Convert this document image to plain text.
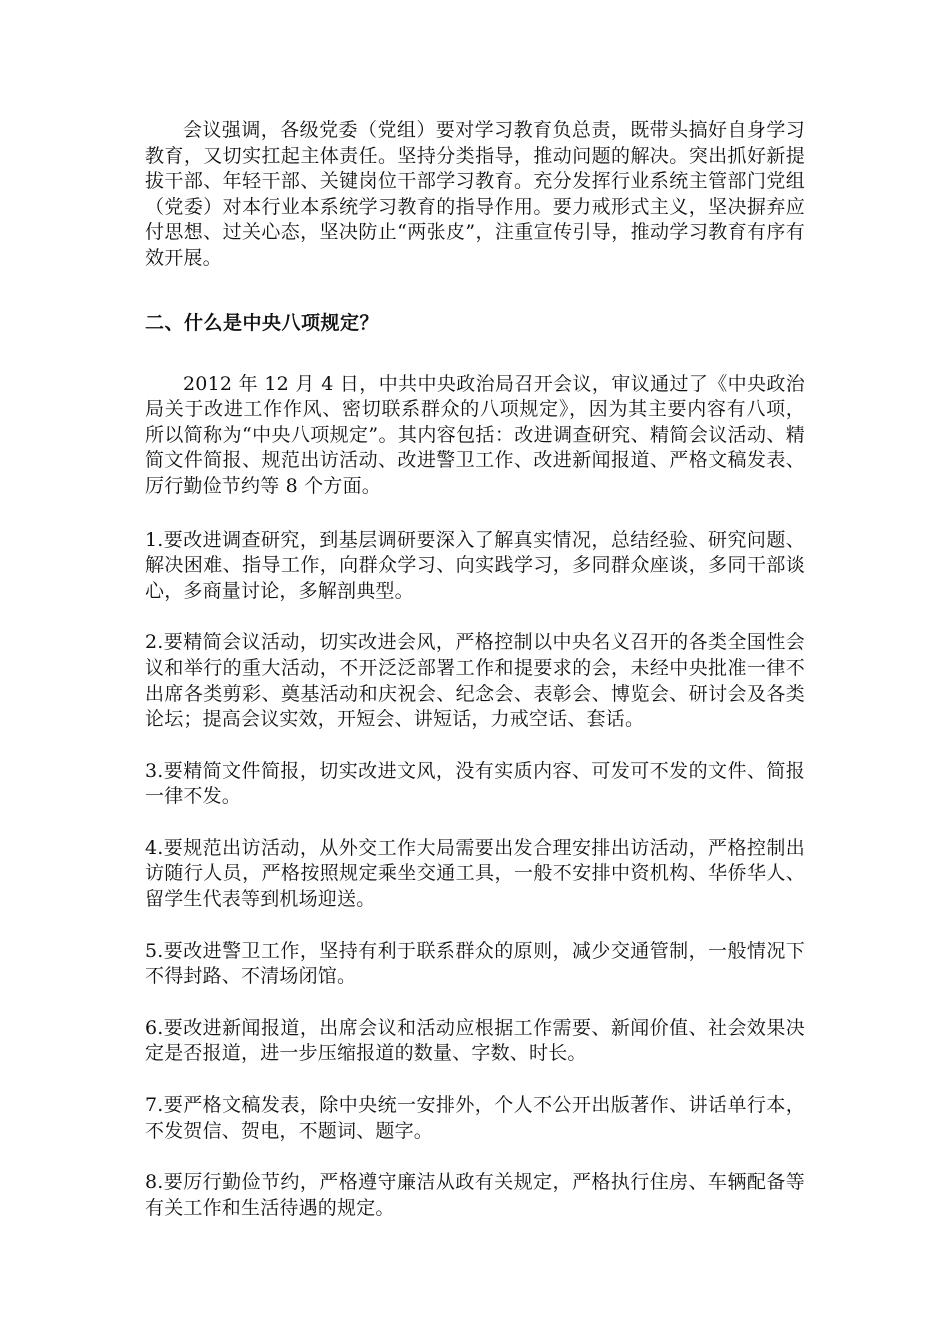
会议强调，各级党委（党组）要对学习教育负总责，既带头搞好自身学习教育，又切实扛起主体责任。坚持分类指导，推动问题的解决。突出抓好新提拔干部、年轻干部、关键岗位干部学习教育。充分发挥行业系统主管部门党组（党委）对本行业本系统学习教育的指导作用。要力戒形式主义，坚决摒弃应付思想、过关心态，坚决防止“两张皮”，注重宣传引导，推动学习教育有序有效开展。

二、什么是中央八项规定？

2012 年 12 月 4 日，中共中央政治局召开会议，审议通过了《中央政治局关于改进工作作风、密切联系群众的八项规定》，因为其主要内容有八项，所以简称为“中央八项规定”。其内容包括：改进调查研究、精简会议活动、精简文件简报、规范出访活动、改进警卫工作、改进新闻报道、严格文稿发表、厉行勤俭节约等 8 个方面。

1.要改进调查研究，到基层调研要深入了解真实情况，总结经验、研究问题、解决困难、指导工作，向群众学习、向实践学习，多同群众座谈，多同干部谈心，多商量讨论，多解剖典型。

2.要精简会议活动，切实改进会风，严格控制以中央名义召开的各类全国性会议和举行的重大活动，不开泛泛部署工作和提要求的会，未经中央批准一律不出席各类剪彩、奠基活动和庆祝会、纪念会、表彰会、博览会、研讨会及各类论坛；提高会议实效，开短会、讲短话，力戒空话、套话。

3.要精简文件简报，切实改进文风，没有实质内容、可发可不发的文件、简报一律不发。

4.要规范出访活动，从外交工作大局需要出发合理安排出访活动，严格控制出访随行人员，严格按照规定乘坐交通工具，一般不安排中资机构、华侨华人、留学生代表等到机场迎送。

5.要改进警卫工作，坚持有利于联系群众的原则，减少交通管制，一般情况下不得封路、不清场闭馆。

6.要改进新闻报道，出席会议和活动应根据工作需要、新闻价值、社会效果决定是否报道，进一步压缩报道的数量、字数、时长。

7.要严格文稿发表，除中央统一安排外，个人不公开出版著作、讲话单行本，不发贺信、贺电，不题词、题字。

8.要厉行勤俭节约，严格遵守廉洁从政有关规定，严格执行住房、车辆配备等有关工作和生活待遇的规定。
